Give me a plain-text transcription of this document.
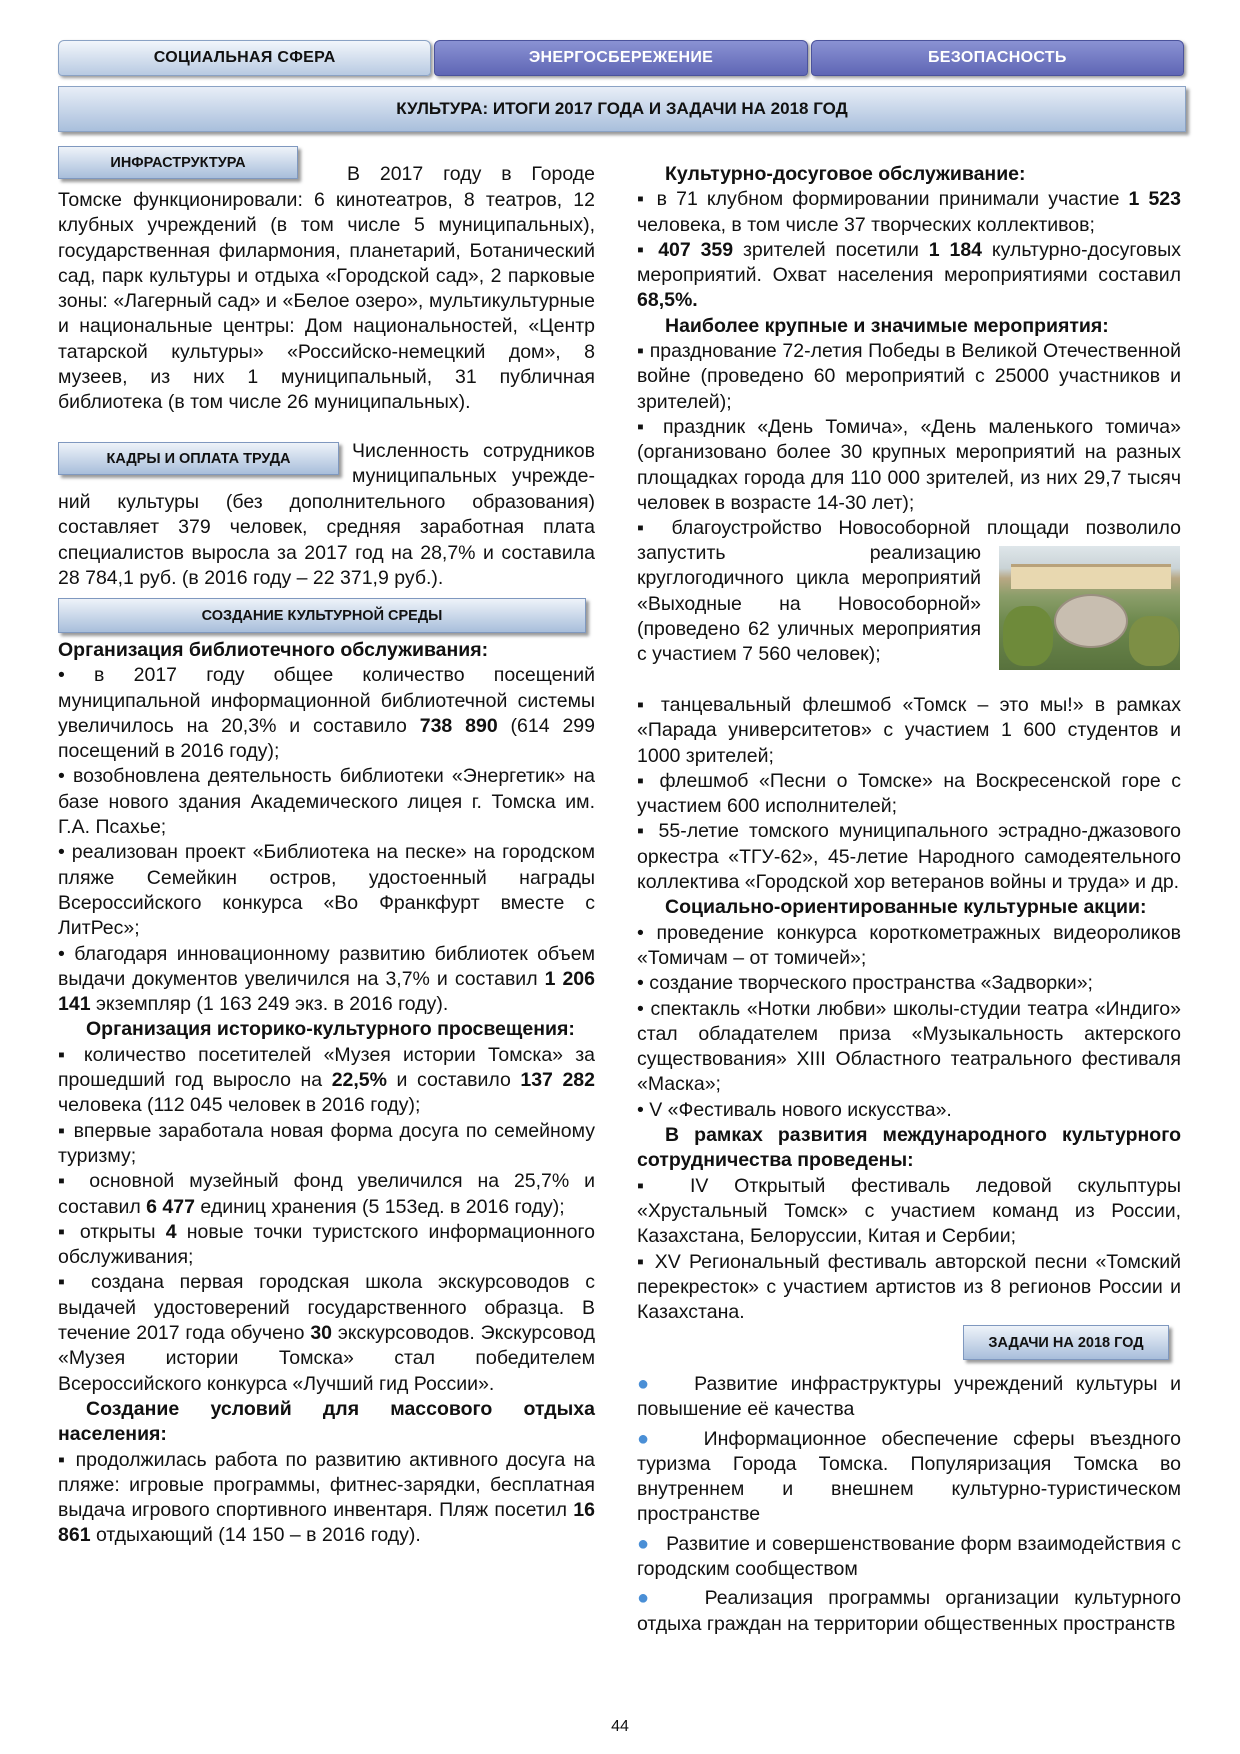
СОЦИАЛЬНАЯ СФЕРА	ЭНЕРГОСБЕРЕЖЕНИЕ	БЕЗОПАСНОСТЬ
КУЛЬТУРА: ИТОГИ 2017 ГОДА И ЗАДАЧИ НА 2018 ГОД
ИНФРАСТРУКТУРА
КАДРЫ И ОПЛАТА ТРУДА
СОЗДАНИЕ КУЛЬТУРНОЙ СРЕДЫ

В 2017 году в Городе

Томске функционировали: 6 кинотеатров, 8 театров, 12 клубных учреждений (в том числе 5 муниципальных), государственная филармония, планетарий, Ботанический сад, парк культуры и отдыха «Городской сад», 2 парковые зоны: «Лагерный сад» и «Белое озеро», мультикультурные и национальные центры: Дом национальностей, «Центр татарской культуры» «Российско-немецкий дом», 8 музеев, из них 1 муниципальный, 31 публичная библиотека (в том числе 26 муниципальных).

Численность сотрудников муниципальных учрежде-

ний культуры (без дополнительного образования) составляет 379 человек, средняя заработная плата специалистов выросла за 2017 год на 28,7% и составила 28 784,1 руб. (в 2016 году – 22 371,9 руб.).

Организация библиотечного обслуживания:

• в 2017 году общее количество посещений муниципальной информационной библиотечной системы увеличилось на 20,3% и составило 738 890 (614 299 посещений в 2016 году);

• возобновлена деятельность библиотеки «Энергетик» на базе нового здания Академического лицея г. Томска им. Г.А. Псахье;

• реализован проект «Библиотека на песке» на городском пляже Семейкин остров, удостоенный награды Всероссийского конкурса «Во Франкфурт вместе с ЛитРес»;

• благодаря инновационному развитию библиотек объем выдачи документов увеличился на 3,7% и составил 1 206 141 экземпляр (1 163 249 экз. в 2016 году).

Организация историко-культурного просвещения:

▪ количество посетителей «Музея истории Томска» за прошедший год выросло на 22,5% и составило 137 282 человека (112 045 человек в 2016 году);

▪ впервые заработала новая форма досуга по семейному туризму;

▪ основной музейный фонд увеличился на 25,7% и составил 6 477 единиц хранения (5 153ед. в 2016 году);

▪ открыты 4 новые точки туристского информационного обслуживания;

▪ создана первая городская школа экскурсоводов с выдачей удостоверений государственного образца. В течение 2017 года обучено 30 экскурсоводов. Экскурсовод «Музея истории Томска» стал победителем Всероссийского конкурса «Лучший гид России».

Создание условий для массового отдыха населения:

▪ продолжилась работа по развитию активного досуга на пляже: игровые программы, фитнес-зарядки, бесплатная выдача игрового спортивного инвентаря. Пляж посетил 16 861 отдыхающий (14 150 – в 2016 году).

Культурно-досуговое обслуживание:

▪ в 71 клубном формировании принимали участие 1 523 человека, в том числе 37 творческих коллективов;

▪ 407 359 зрителей посетили 1 184 культурно-досуговых мероприятий. Охват населения мероприятиями составил 68,5%.

Наиболее крупные и значимые мероприятия:

▪ празднование 72-летия Победы в Великой Отечественной войне (проведено 60 мероприятий с 25000 участников и зрителей);

▪ праздник «День Томича», «День маленького томича» (организовано более 30 крупных мероприятий на разных площадках города для 110 000 зрителей, из них 29,7 тысяч человек в возрасте 14-30 лет);

▪ благоустройство Новособорной площади позволило

запустить реализацию круглогодичного цикла мероприятий «Выходные на Новособорной» (проведено 62 уличных мероприятия с участием 7 560 человек);

▪ танцевальный флешмоб «Томск – это мы!» в рамках «Парада университетов» с участием 1 600 студентов и 1000 зрителей;

▪ флешмоб «Песни о Томске» на Воскресенской горе с участием 600 исполнителей;

▪ 55-летие томского муниципального эстрадно-джазового оркестра «ТГУ-62», 45-летие Народного самодеятельного коллектива «Городской хор ветеранов войны и труда» и др.

Социально-ориентированные культурные акции:

• проведение конкурса короткометражных видеороликов «Томичам – от томичей»;

• создание творческого пространства «Задворки»;

• спектакль «Нотки любви» школы-студии театра «Индиго» стал обладателем приза «Музыкальность актерского существования» XIII Областного театрального фестиваля «Маска»;

• V «Фестиваль нового искусства».

В рамках развития международного культурного сотрудничества проведены:

▪ IV Открытый фестиваль ледовой скульптуры «Хрустальный Томск» с участием команд из России, Казахстана, Белоруссии, Китая и Сербии;

▪ XV Региональный фестиваль авторской песни «Томский перекресток» с участием артистов из 8 регионов России и Казахстана.

ЗАДАЧИ НА 2018 ГОД

● Развитие инфраструктуры учреждений культуры и повышение её качества

● Информационное обеспечение сферы въездного туризма Города Томска. Популяризация Томска во внутреннем и внешнем культурно-туристическом пространстве

● Развитие и совершенствование форм взаимодействия с городским сообществом

● Реализация программы организации культурного отдыха граждан на территории общественных пространств

44
